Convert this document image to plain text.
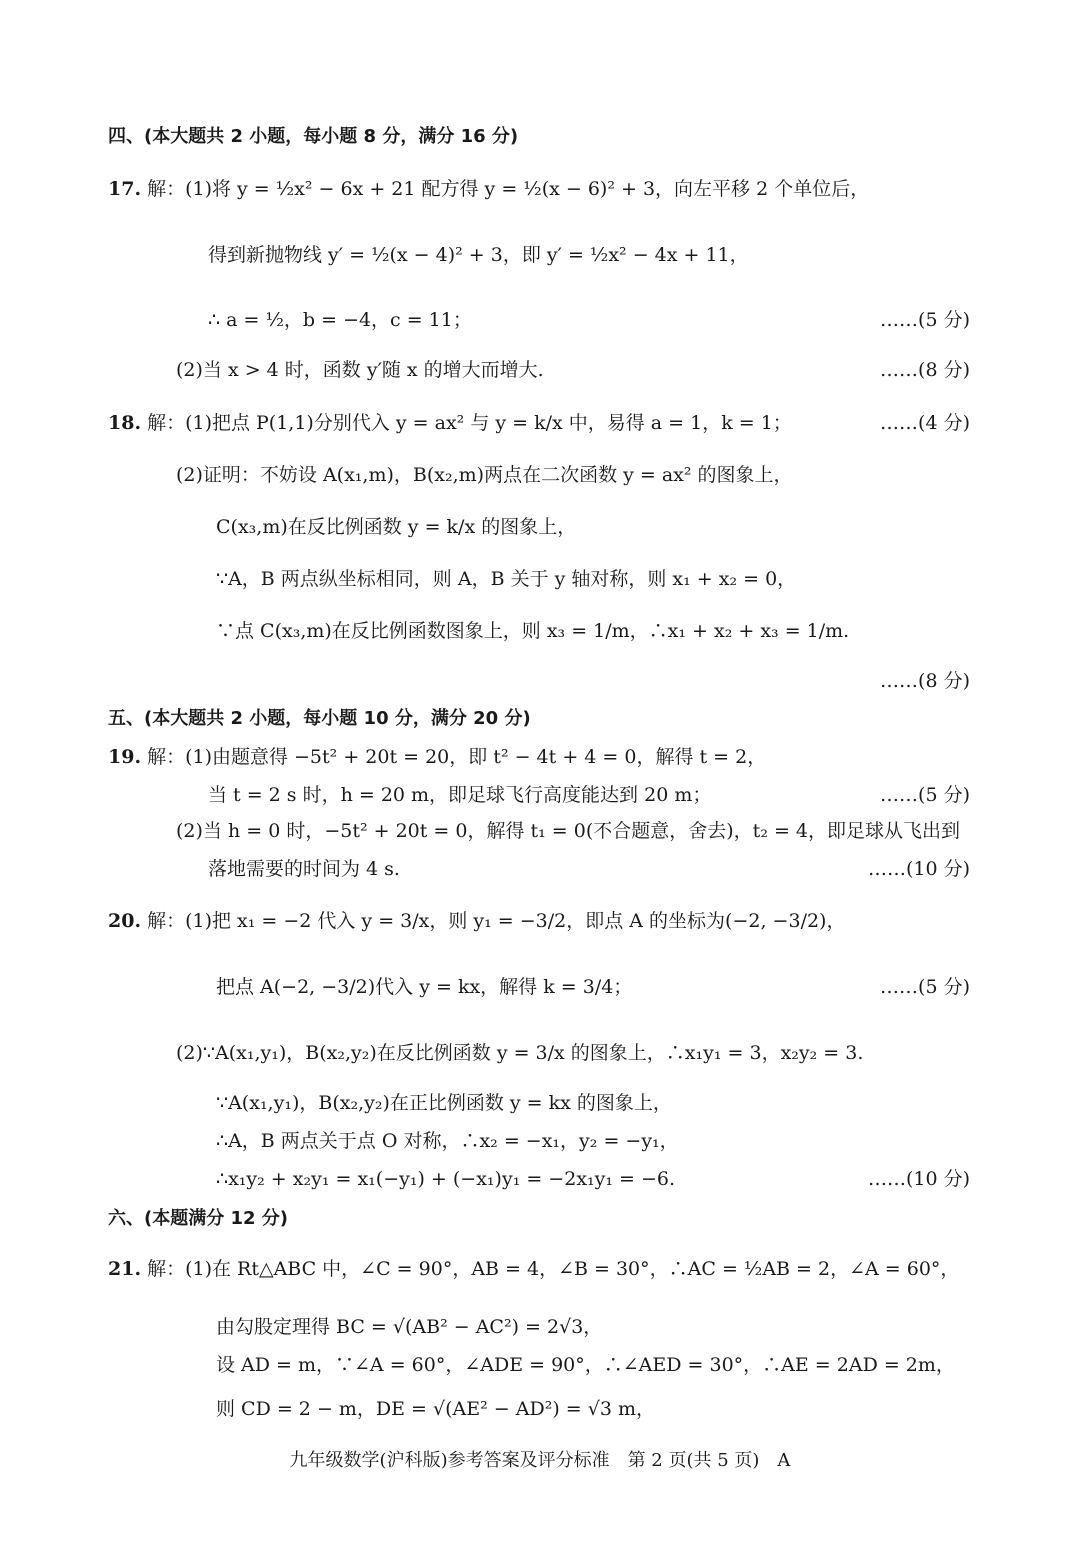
四、(本大题共 2 小题，每小题 8 分，满分 16 分)
17. 解：(1)将 y = ½x² − 6x + 21 配方得 y = ½(x − 6)² + 3，向左平移 2 个单位后，
得到新抛物线 y′ = ½(x − 4)² + 3，即 y′ = ½x² − 4x + 11，
∴ a = ½，b = −4，c = 11；	……(5 分)
(2)当 x > 4 时，函数 y′随 x 的增大而增大.	……(8 分)
18. 解：(1)把点 P(1,1)分别代入 y = ax² 与 y = k/x 中，易得 a = 1，k = 1；	……(4 分)
(2)证明：不妨设 A(x₁,m)，B(x₂,m)两点在二次函数 y = ax² 的图象上，
C(x₃,m)在反比例函数 y = k/x 的图象上，
∵A，B 两点纵坐标相同，则 A，B 关于 y 轴对称，则 x₁ + x₂ = 0，
∵点 C(x₃,m)在反比例函数图象上，则 x₃ = 1/m，∴x₁ + x₂ + x₃ = 1/m.
……(8 分)
五、(本大题共 2 小题，每小题 10 分，满分 20 分)
19. 解：(1)由题意得 −5t² + 20t = 20，即 t² − 4t + 4 = 0，解得 t = 2，
当 t = 2 s 时，h = 20 m，即足球飞行高度能达到 20 m；	……(5 分)
(2)当 h = 0 时，−5t² + 20t = 0，解得 t₁ = 0(不合题意，舍去)，t₂ = 4，即足球从飞出到
落地需要的时间为 4 s.	……(10 分)
20. 解：(1)把 x₁ = −2 代入 y = 3/x，则 y₁ = −3/2，即点 A 的坐标为(−2, −3/2)，
把点 A(−2, −3/2)代入 y = kx，解得 k = 3/4；	……(5 分)
(2)∵A(x₁,y₁)，B(x₂,y₂)在反比例函数 y = 3/x 的图象上，∴x₁y₁ = 3，x₂y₂ = 3.
∵A(x₁,y₁)，B(x₂,y₂)在正比例函数 y = kx 的图象上，
∴A，B 两点关于点 O 对称，∴x₂ = −x₁，y₂ = −y₁，
∴x₁y₂ + x₂y₁ = x₁(−y₁) + (−x₁)y₁ = −2x₁y₁ = −6.	……(10 分)
六、(本题满分 12 分)
21. 解：(1)在 Rt△ABC 中，∠C = 90°，AB = 4，∠B = 30°，∴AC = ½AB = 2，∠A = 60°，
由勾股定理得 BC = √(AB² − AC²) = 2√3，
设 AD = m，∵∠A = 60°，∠ADE = 90°，∴∠AED = 30°，∴AE = 2AD = 2m，
则 CD = 2 − m，DE = √(AE² − AD²) = √3 m，
九年级数学(沪科版)参考答案及评分标准　第 2 页(共 5 页)　A
